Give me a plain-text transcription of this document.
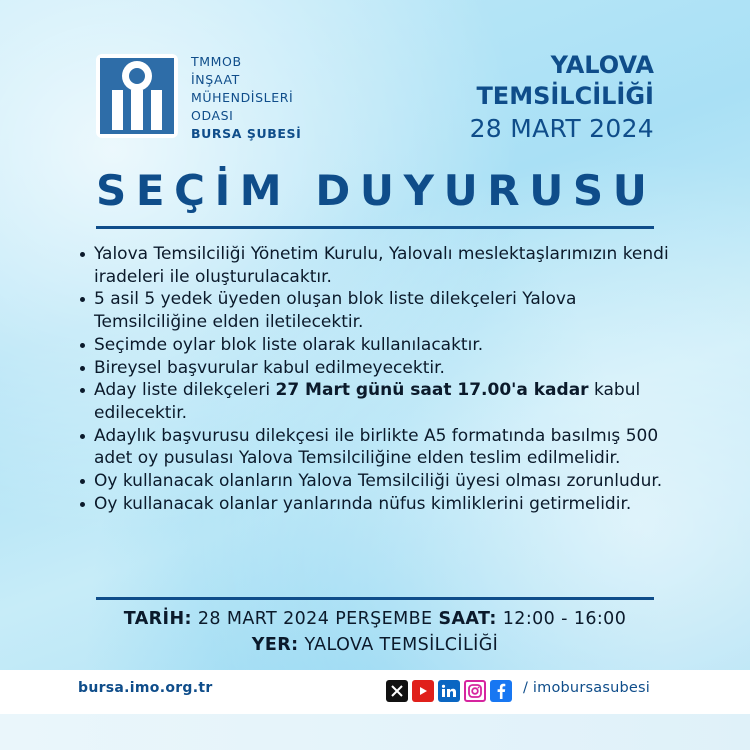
TMMOB
İNŞAAT
MÜHENDİSLERİ
ODASI
BURSA ŞUBESİ
YALOVA
TEMSİLCİLİĞİ
28 MART 2024
SEÇİM DUYURUSU
Yalova Temsilciliği Yönetim Kurulu, Yalovalı meslektaşlarımızın kendi iradeleri ile oluşturulacaktır.
5 asil 5 yedek üyeden oluşan blok liste dilekçeleri Yalova Temsilciliğine elden iletilecektir.
Seçimde oylar blok liste olarak kullanılacaktır.
Bireysel başvurular kabul edilmeyecektir.
Aday liste dilekçeleri 27 Mart günü saat 17.00'a kadar kabul edilecektir.
Adaylık başvurusu dilekçesi ile birlikte A5 formatında basılmış 500 adet oy pusulası Yalova Temsilciliğine elden teslim edilmelidir.
Oy kullanacak olanların Yalova Temsilciliği üyesi olması zorunludur.
Oy kullanacak olanlar yanlarında nüfus kimliklerini getirmelidir.
TARİH: 28 MART 2024 PERŞEMBE SAAT: 12:00 - 16:00
YER: YALOVA TEMSİLCİLİĞİ
bursa.imo.org.tr	/ imobursasubesi
